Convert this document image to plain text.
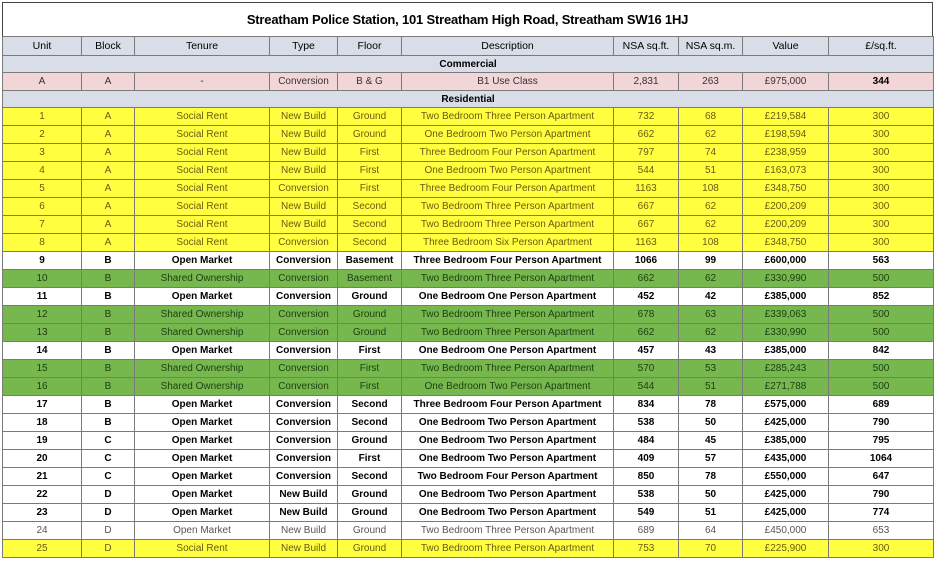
Streatham Police Station, 101 Streatham High Road, Streatham SW16 1HJ
Unit	Block	Tenure	Type	Floor	Description	NSA sq.ft.	NSA sq.m.	Value	£/sq.ft.
Commercial									
A	A	-	Conversion	B & G	B1 Use Class	2,831	263	£975,000	344
Residential									
1	A	Social Rent	New Build	Ground	Two Bedroom Three Person Apartment	732	68	£219,584	300
2	A	Social Rent	New Build	Ground	One Bedroom Two Person Apartment	662	62	£198,594	300
3	A	Social Rent	New Build	First	Three Bedroom Four Person Apartment	797	74	£238,959	300
4	A	Social Rent	New Build	First	One Bedroom Two Person Apartment	544	51	£163,073	300
5	A	Social Rent	Conversion	First	Three Bedroom Four Person Apartment	1163	108	£348,750	300
6	A	Social Rent	New Build	Second	Two Bedroom Three Person Apartment	667	62	£200,209	300
7	A	Social Rent	New Build	Second	Two Bedroom Three Person Apartment	667	62	£200,209	300
8	A	Social Rent	Conversion	Second	Three Bedroom Six Person Apartment	1163	108	£348,750	300
9	B	Open Market	Conversion	Basement	Three Bedroom Four Person Apartment	1066	99	£600,000	563
10	B	Shared Ownership	Conversion	Basement	Two Bedroom Three Person Apartment	662	62	£330,990	500
11	B	Open Market	Conversion	Ground	One Bedroom One Person Apartment	452	42	£385,000	852
12	B	Shared Ownership	Conversion	Ground	Two Bedroom Three Person Apartment	678	63	£339,063	500
13	B	Shared Ownership	Conversion	Ground	Two Bedroom Three Person Apartment	662	62	£330,990	500
14	B	Open Market	Conversion	First	One Bedroom One Person Apartment	457	43	£385,000	842
15	B	Shared Ownership	Conversion	First	Two Bedroom Three Person Apartment	570	53	£285,243	500
16	B	Shared Ownership	Conversion	First	One Bedroom Two Person Apartment	544	51	£271,788	500
17	B	Open Market	Conversion	Second	Three Bedroom Four Person Apartment	834	78	£575,000	689
18	B	Open Market	Conversion	Second	One Bedroom Two Person Apartment	538	50	£425,000	790
19	C	Open Market	Conversion	Ground	One Bedroom Two Person Apartment	484	45	£385,000	795
20	C	Open Market	Conversion	First	One Bedroom Two Person Apartment	409	57	£435,000	1064
21	C	Open Market	Conversion	Second	Two Bedroom Four Person Apartment	850	78	£550,000	647
22	D	Open Market	New Build	Ground	One Bedroom Two Person Apartment	538	50	£425,000	790
23	D	Open Market	New Build	Ground	One Bedroom Two Person Apartment	549	51	£425,000	774
24	D	Open Market	New Build	Ground	Two Bedroom Three Person Apartment	689	64	£450,000	653
25	D	Social Rent	New Build	Ground	Two Bedroom Three Person Apartment	753	70	£225,900	300
